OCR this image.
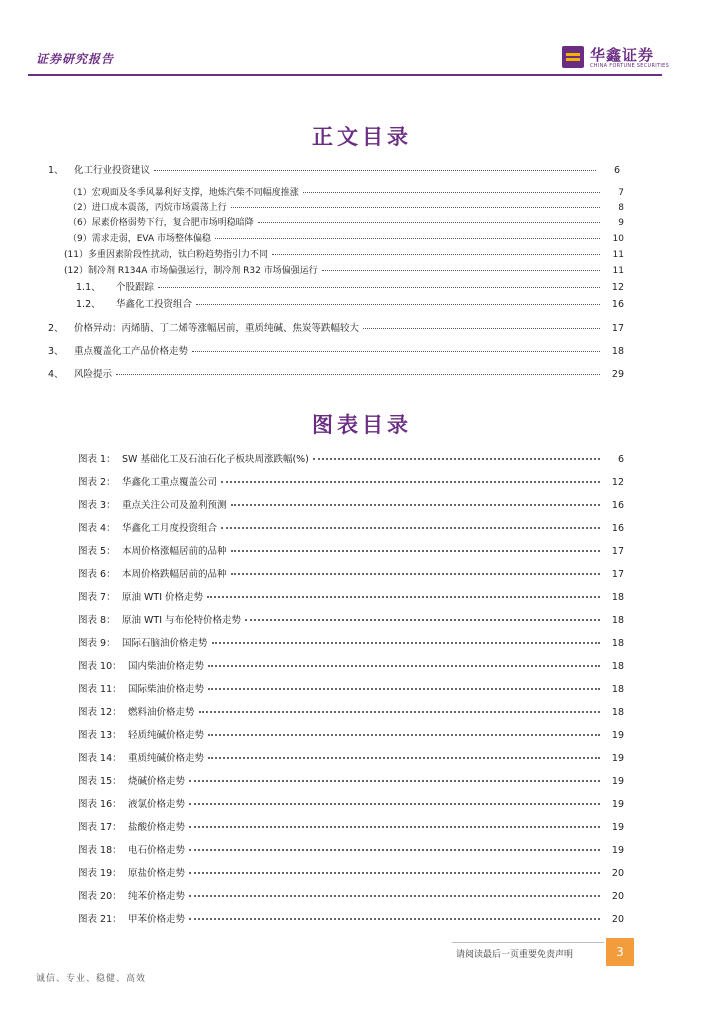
证券研究报告	华鑫证券
CHINA FORTUNE SECURITIES
正文目录
1、	化工行业投资建议	6
（1）宏观面及冬季风暴利好支撑，地炼汽柴不同幅度推涨	7
（2）进口成本震荡，丙烷市场震荡上行	8
（6）尿素价格弱势下行，复合肥市场明稳暗降	9
（9）需求走弱，EVA 市场整体偏稳	10
(11）多重因素阶段性扰动，钛白粉趋势指引力不同	11
(12）制冷剂 R134A 市场偏强运行，制冷剂 R32 市场偏强运行	11
1.1、	个股跟踪	12
1.2、	华鑫化工投资组合	16
2、	价格异动：丙烯腈、丁二烯等涨幅居前，重质纯碱、焦炭等跌幅较大	17
3、	重点覆盖化工产品价格走势	18
4、	风险提示	29
图表目录
图表 1： SW 基础化工及石油石化子板块周涨跌幅(%)	6
图表 2： 华鑫化工重点覆盖公司	12
图表 3： 重点关注公司及盈利预测	16
图表 4： 华鑫化工月度投资组合	16
图表 5： 本周价格涨幅居前的品种	17
图表 6： 本周价格跌幅居前的品种	17
图表 7： 原油 WTI 价格走势	18
图表 8： 原油 WTI 与布伦特价格走势	18
图表 9： 国际石脑油价格走势	18
图表 10： 国内柴油价格走势	18
图表 11： 国际柴油价格走势	18
图表 12： 燃料油价格走势	18
图表 13： 轻质纯碱价格走势	19
图表 14： 重质纯碱价格走势	19
图表 15： 烧碱价格走势	19
图表 16： 液氯价格走势	19
图表 17： 盐酸价格走势	19
图表 18： 电石价格走势	19
图表 19： 原盐价格走势	20
图表 20： 纯苯价格走势	20
图表 21： 甲苯价格走势	20
请阅读最后一页重要免责声明	3
诚信、专业、稳健、高效
